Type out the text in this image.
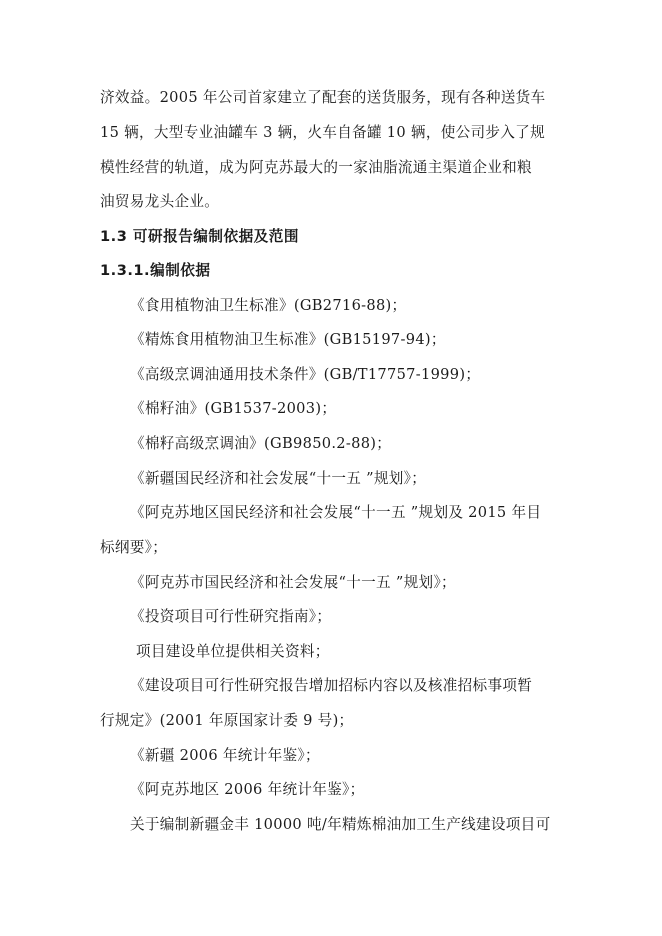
济效益。2005 年公司首家建立了配套的送货服务，现有各种送货车
15 辆，大型专业油罐车 3 辆，火车自备罐 10 辆，使公司步入了规
模性经营的轨道，成为阿克苏最大的一家油脂流通主渠道企业和粮
油贸易龙头企业。
1.3 可研报告编制依据及范围
1.3.1.编制依据
《食用植物油卫生标准》(GB2716-88)；
《精炼食用植物油卫生标准》(GB15197-94)；
《高级烹调油通用技术条件》(GB/T17757-1999)；
《棉籽油》(GB1537-2003)；
《棉籽高级烹调油》(GB9850.2-88)；
《新疆国民经济和社会发展“十一五 ”规划》；
《阿克苏地区国民经济和社会发展“十一五 ”规划及 2015 年目
标纲要》；
《阿克苏市国民经济和社会发展“十一五 ”规划》；
《投资项目可行性研究指南》；
项目建设单位提供相关资料；
《建设项目可行性研究报告增加招标内容以及核准招标事项暂
行规定》(2001 年原国家计委 9 号)；
《新疆 2006 年统计年鉴》；
《阿克苏地区 2006 年统计年鉴》；
关于编制新疆金丰 10000 吨/年精炼棉油加工生产线建设项目可
